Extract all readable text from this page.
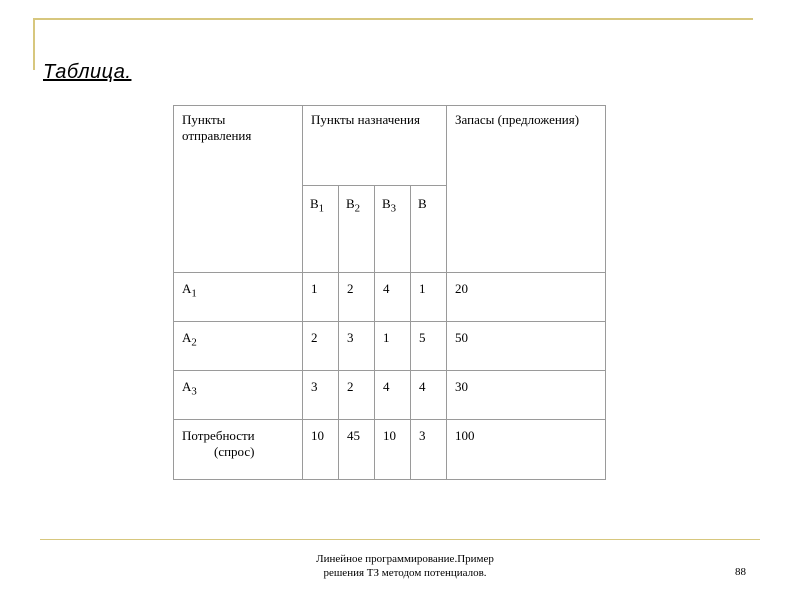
Таблица.
Пункты отправления	Пункты назначения				Запасы (предложения)
	$B_1$	$B_2$	$B_3$	B	
$A_1$	1	2	4	1	20
$A_2$	2	3	1	5	50
$A_3$	3	2	4	4	30
Потребности
(спрос)	10	45	10	3	100
Линейное программирование.Пример
решения ТЗ методом потенциалов.	88
